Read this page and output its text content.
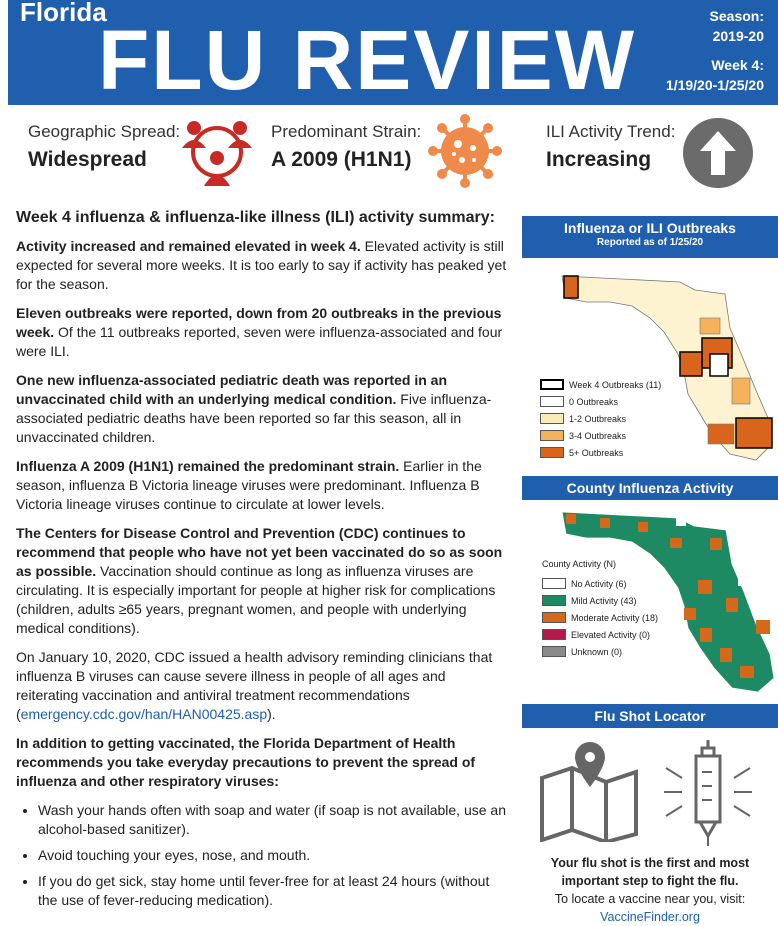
Florida
FLU REVIEW	Season:
2019-20
Week 4:
1/19/20-1/25/20
Geographic Spread:
Widespread
Predominant Strain:
A 2009 (H1N1)
ILI Activity Trend:
Increasing
Week 4 influenza & influenza-like illness (ILI) activity summary:

Activity increased and remained elevated in week 4. Elevated activity is still expected for several more weeks. It is too early to say if activity has peaked yet for the season.

Eleven outbreaks were reported, down from 20 outbreaks in the previous week. Of the 11 outbreaks reported, seven were influenza-associated and four were ILI.

One new influenza-associated pediatric death was reported in an unvaccinated child with an underlying medical condition. Five influenza-associated pediatric deaths have been reported so far this season, all in unvaccinated children.

Influenza A 2009 (H1N1) remained the predominant strain. Earlier in the season, influenza B Victoria lineage viruses were predominant. Influenza B Victoria lineage viruses continue to circulate at lower levels.

The Centers for Disease Control and Prevention (CDC) continues to recommend that people who have not yet been vaccinated do so as soon as possible. Vaccination should continue as long as influenza viruses are circulating. It is especially important for people at higher risk for complications (children, adults ≥65 years, pregnant women, and people with underlying medical conditions).

On January 10, 2020, CDC issued a health advisory reminding clinicians that influenza B viruses can cause severe illness in people of all ages and reiterating vaccination and antiviral treatment recommendations (emergency.cdc.gov/han/HAN00425.asp).

In addition to getting vaccinated, the Florida Department of Health recommends you take everyday precautions to prevent the spread of influenza and other respiratory viruses:

• Wash your hands often with soap and water (if soap is not available, use an alcohol-based sanitizer).
• Avoid touching your eyes, nose, and mouth.
• If you do get sick, stay home until fever-free for at least 24 hours (without the use of fever-reducing medication).
Influenza or ILI Outbreaks
Reported as of 1/25/20
Week 4 Outbreaks (11)
0 Outbreaks
1-2 Outbreaks
3-4 Outbreaks
5+ Outbreaks
County Influenza Activity
County Activity (N)
No Activity (6)
Mild Activity (43)
Moderate Activity (18)
Elevated Activity (0)
Unknown (0)
Flu Shot Locator
Your flu shot is the first and most important step to fight the flu.
To locate a vaccine near you, visit:
VaccineFinder.org
